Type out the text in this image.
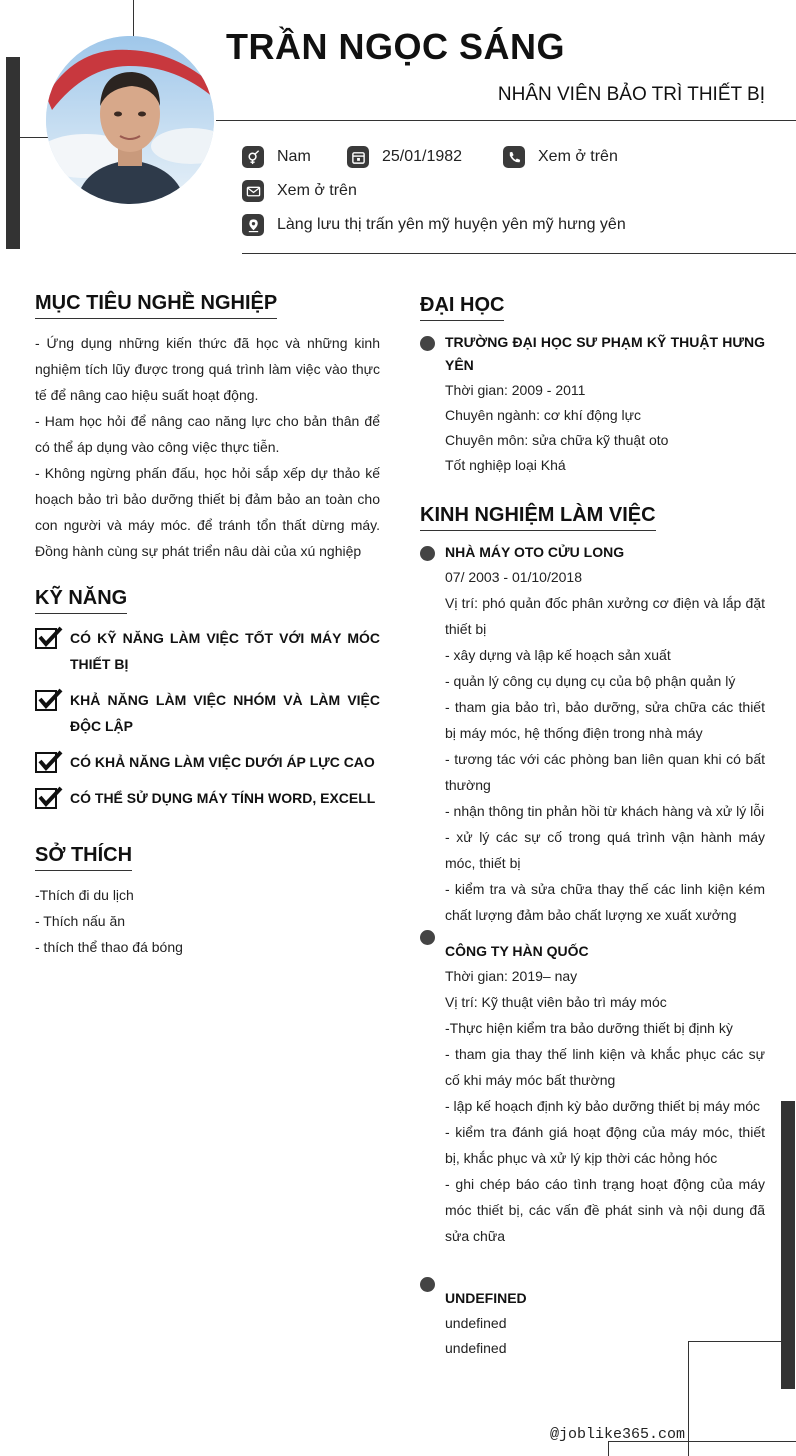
TRẦN NGỌC SÁNG
NHÂN VIÊN BẢO TRÌ THIẾT BỊ
Nam	25/01/1982	Xem ở trên
Xem ở trên
Làng lưu thị trấn yên mỹ huyện yên mỹ hưng yên
MỤC TIÊU NGHỀ NGHIỆP

- Ứng dụng những kiến thức đã học và những kinh nghiệm tích lũy được trong quá trình làm việc vào thực tế để nâng cao hiệu suất hoạt động.

- Ham học hỏi để nâng cao năng lực cho bản thân để có thể áp dụng vào công việc thực tiễn.

- Không ngừng phấn đấu, học hỏi sắp xếp dự thảo kế hoạch bảo trì bảo dưỡng thiết bị đảm bảo an toàn cho con người và máy móc. để tránh tổn thất dừng máy. Đồng hành cùng sự phát triển nâu dài của xú nghiệp

KỸ NĂNG
CÓ KỸ NĂNG LÀM VIỆC TỐT VỚI MÁY MÓC THIẾT BỊ
KHẢ NĂNG LÀM VIỆC NHÓM VÀ LÀM VIỆC ĐỘC LẬP
CÓ KHẢ NĂNG LÀM VIỆC DƯỚI ÁP LỰC CAO
CÓ THỂ SỬ DỤNG MÁY TÍNH WORD, EXCELL
SỞ THÍCH
-Thích đi du lịch
- Thích nấu ăn
- thích thể thao đá bóng
ĐẠI HỌC
TRƯỜNG ĐẠI HỌC SƯ PHẠM KỸ THUẬT HƯNG YÊN
Thời gian: 2009 - 2011
Chuyên ngành: cơ khí động lực
Chuyên môn: sửa chữa kỹ thuật oto
Tốt nghiệp loại Khá
KINH NGHIỆM LÀM VIỆC
NHÀ MÁY OTO CỬU LONG
07/ 2003 - 01/10/2018
Vị trí: phó quản đốc phân xưởng cơ điện và lắp đặt thiết bị
- xây dựng và lập kế hoạch sản xuất
- quản lý công cụ dụng cụ của bộ phận quản lý
- tham gia bảo trì, bảo dưỡng, sửa chữa các thiết bị máy móc, hệ thống điện trong nhà máy
- tương tác với các phòng ban liên quan khi có bất thường
- nhận thông tin phản hồi từ khách hàng và xử lý lỗi
- xử lý các sự cố trong quá trình vận hành máy móc, thiết bị
- kiểm tra và sửa chữa thay thế các linh kiện kém chất lượng đảm bảo chất lượng xe xuất xưởng
CÔNG TY HÀN QUỐC
Thời gian: 2019– nay
Vị trí: Kỹ thuật viên bảo trì máy móc
-Thực hiện kiểm tra bảo dưỡng thiết bị định kỳ
- tham gia thay thế linh kiện và khắc phục các sự cố khi máy móc bất thường
- lập kế hoạch định kỳ bảo dưỡng thiết bị máy móc
- kiểm tra đánh giá hoạt động của máy móc, thiết bị, khắc phục và xử lý kịp thời các hỏng hóc
- ghi chép báo cáo tình trạng hoạt động của máy móc thiết bị, các vấn đề phát sinh và nội dung đã sửa chữa
UNDEFINED
undefined
undefined
@joblike365.com
